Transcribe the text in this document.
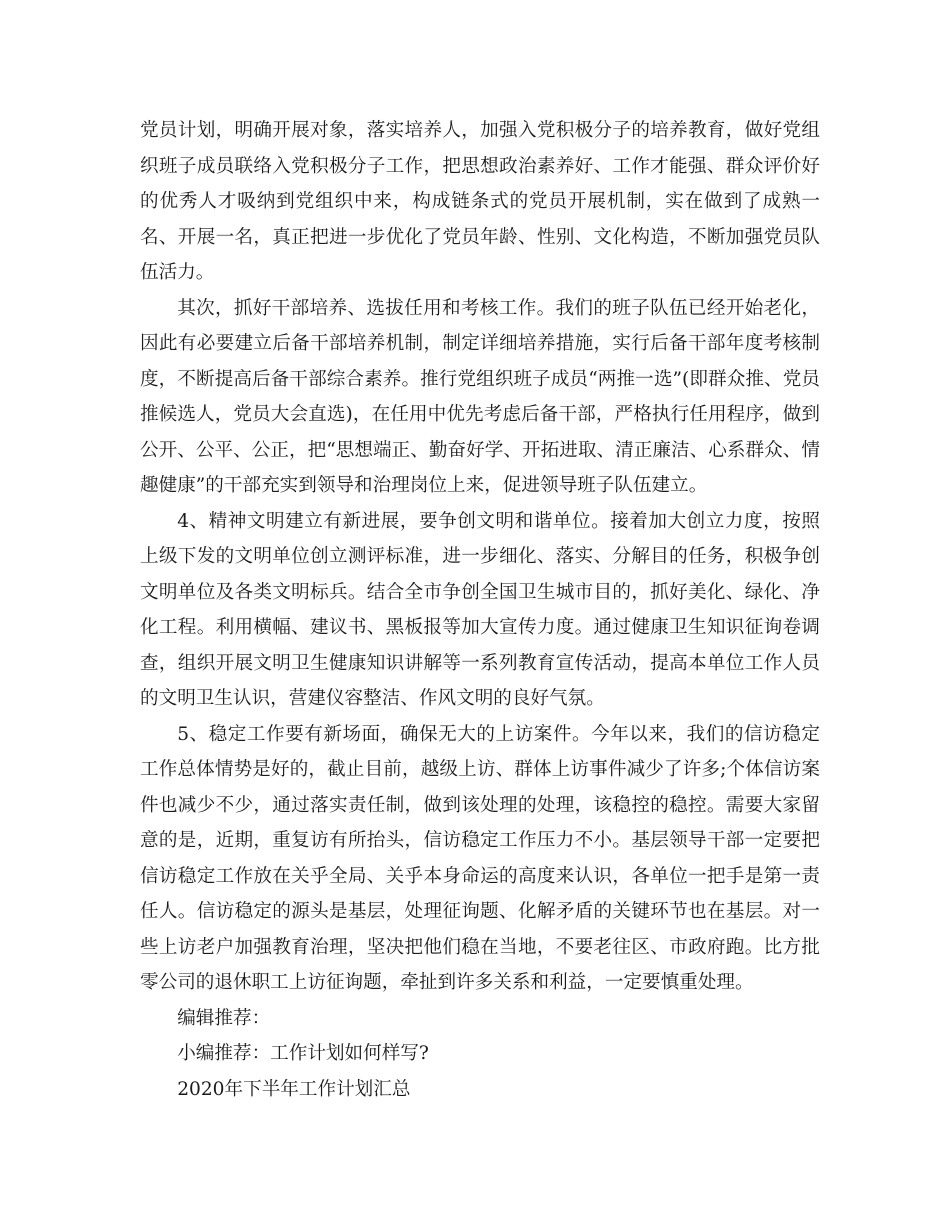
党员计划，明确开展对象，落实培养人，加强入党积极分子的培养教育，做好党组织班子成员联络入党积极分子工作，把思想政治素养好、工作才能强、群众评价好的优秀人才吸纳到党组织中来，构成链条式的党员开展机制，实在做到了成熟一名、开展一名，真正把进一步优化了党员年龄、性别、文化构造，不断加强党员队伍活力。

其次，抓好干部培养、选拔任用和考核工作。我们的班子队伍已经开始老化，因此有必要建立后备干部培养机制，制定详细培养措施，实行后备干部年度考核制度，不断提高后备干部综合素养。推行党组织班子成员“两推一选”(即群众推、党员推候选人，党员大会直选)，在任用中优先考虑后备干部，严格执行任用程序，做到公开、公平、公正，把“思想端正、勤奋好学、开拓进取、清正廉洁、心系群众、情趣健康”的干部充实到领导和治理岗位上来，促进领导班子队伍建立。

4、精神文明建立有新进展，要争创文明和谐单位。接着加大创立力度，按照上级下发的文明单位创立测评标准，进一步细化、落实、分解目的任务，积极争创文明单位及各类文明标兵。结合全市争创全国卫生城市目的，抓好美化、绿化、净化工程。利用横幅、建议书、黑板报等加大宣传力度。通过健康卫生知识征询卷调查，组织开展文明卫生健康知识讲解等一系列教育宣传活动，提高本单位工作人员的文明卫生认识，营建仪容整洁、作风文明的良好气氛。

5、稳定工作要有新场面，确保无大的上访案件。今年以来，我们的信访稳定工作总体情势是好的，截止目前，越级上访、群体上访事件减少了许多;个体信访案件也减少不少，通过落实责任制，做到该处理的处理，该稳控的稳控。需要大家留意的是，近期，重复访有所抬头，信访稳定工作压力不小。基层领导干部一定要把信访稳定工作放在关乎全局、关乎本身命运的高度来认识，各单位一把手是第一责任人。信访稳定的源头是基层，处理征询题、化解矛盾的关键环节也在基层。对一些上访老户加强教育治理，坚决把他们稳在当地，不要老往区、市政府跑。比方批零公司的退休职工上访征询题，牵扯到许多关系和利益，一定要慎重处理。

编辑推荐：

小编推荐：工作计划如何样写?

2020年下半年工作计划汇总
